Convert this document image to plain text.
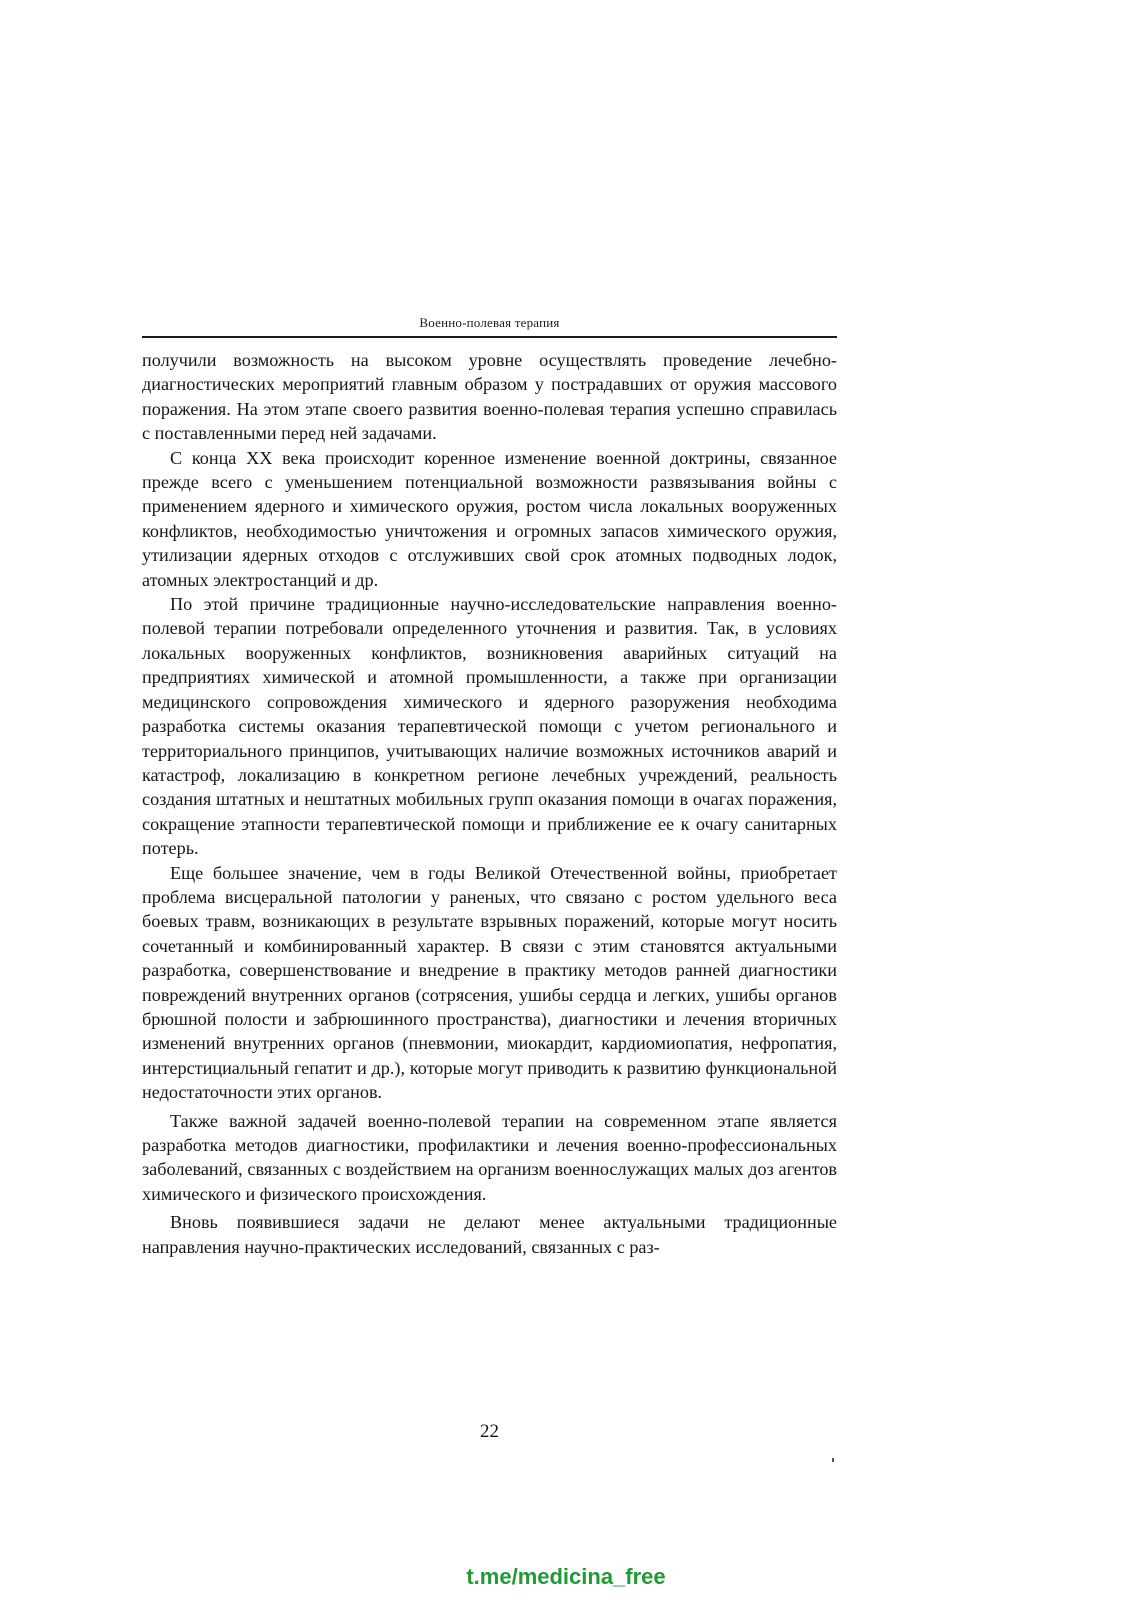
Военно-полевая терапия

получили возможность на высоком уровне осуществлять проведение лечебно-диагностических мероприятий главным образом у пострадавших от оружия массового поражения. На этом этапе своего развития военно-полевая терапия успешно справилась с поставленными перед ней задачами.

С конца XX века происходит коренное изменение военной доктрины, связанное прежде всего с уменьшением потенциальной возможности развязывания войны с применением ядерного и химического оружия, ростом числа локальных вооруженных конфликтов, необходимостью уничтожения и огромных запасов химического оружия, утилизации ядерных отходов с отслуживших свой срок атомных подводных лодок, атомных электростанций и др.

По этой причине традиционные научно-исследовательские направления военно-полевой терапии потребовали определенного уточнения и развития. Так, в условиях локальных вооруженных конфликтов, возникновения аварийных ситуаций на предприятиях химической и атомной промышленности, а также при организации медицинского сопровождения химического и ядерного разоружения необходима разработка системы оказания терапевтической помощи с учетом регионального и территориального принципов, учитывающих наличие возможных источников аварий и катастроф, локализацию в конкретном регионе лечебных учреждений, реальность создания штатных и нештатных мобильных групп оказания помощи в очагах поражения, сокращение этапности терапевтической помощи и приближение ее к очагу санитарных потерь.

Еще большее значение, чем в годы Великой Отечественной войны, приобретает проблема висцеральной патологии у раненых, что связано с ростом удельного веса боевых травм, возникающих в результате взрывных поражений, которые могут носить сочетанный и комбинированный характер. В связи с этим становятся актуальными разработка, совершенствование и внедрение в практику методов ранней диагностики повреждений внутренних органов (сотрясения, ушибы сердца и легких, ушибы органов брюшной полости и забрюшинного пространства), диагностики и лечения вторичных изменений внутренних органов (пневмонии, миокардит, кардиомиопатия, нефропатия, интерстициальный гепатит и др.), которые могут приводить к развитию функциональной недостаточности этих органов.

Также важной задачей военно-полевой терапии на современном этапе является разработка методов диагностики, профилактики и лечения военно-профессиональных заболеваний, связанных с воздействием на организм военнослужащих малых доз агентов химического и физического происхождения.

Вновь появившиеся задачи не делают менее актуальными традиционные направления научно-практических исследований, связанных с раз-

22
t.me/medicina_free
